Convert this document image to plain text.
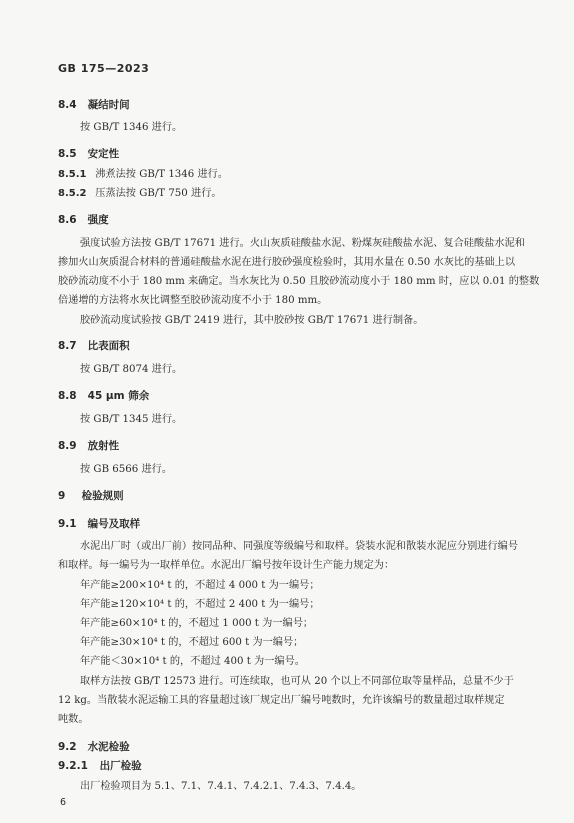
GB 175—2023
8.4 凝结时间
按 GB/T 1346 进行。
8.5 安定性
8.5.1 沸煮法按 GB/T 1346 进行。
8.5.2 压蒸法按 GB/T 750 进行。
8.6 强度
强度试验方法按 GB/T 17671 进行。火山灰质硅酸盐水泥、粉煤灰硅酸盐水泥、复合硅酸盐水泥和
掺加火山灰质混合材料的普通硅酸盐水泥在进行胶砂强度检验时，其用水量在 0.50 水灰比的基础上以
胶砂流动度不小于 180 mm 来确定。当水灰比为 0.50 且胶砂流动度小于 180 mm 时，应以 0.01 的整数
倍递增的方法将水灰比调整至胶砂流动度不小于 180 mm。
胶砂流动度试验按 GB/T 2419 进行，其中胶砂按 GB/T 17671 进行制备。
8.7 比表面积
按 GB/T 8074 进行。
8.8 45 μm 筛余
按 GB/T 1345 进行。
8.9 放射性
按 GB 6566 进行。
9 检验规则
9.1 编号及取样
水泥出厂时（或出厂前）按同品种、同强度等级编号和取样。袋装水泥和散装水泥应分别进行编号
和取样。每一编号为一取样单位。水泥出厂编号按年设计生产能力规定为：
年产能≥200×10⁴ t 的，不超过 4 000 t 为一编号；
年产能≥120×10⁴ t 的，不超过 2 400 t 为一编号；
年产能≥60×10⁴ t 的，不超过 1 000 t 为一编号；
年产能≥30×10⁴ t 的，不超过 600 t 为一编号；
年产能＜30×10⁴ t 的，不超过 400 t 为一编号。
取样方法按 GB/T 12573 进行。可连续取，也可从 20 个以上不同部位取等量样品，总量不少于
12 kg。当散装水泥运输工具的容量超过该厂规定出厂编号吨数时，允许该编号的数量超过取样规定
吨数。
9.2 水泥检验
9.2.1 出厂检验
出厂检验项目为 5.1、7.1、7.4.1、7.4.2.1、7.4.3、7.4.4。
6
